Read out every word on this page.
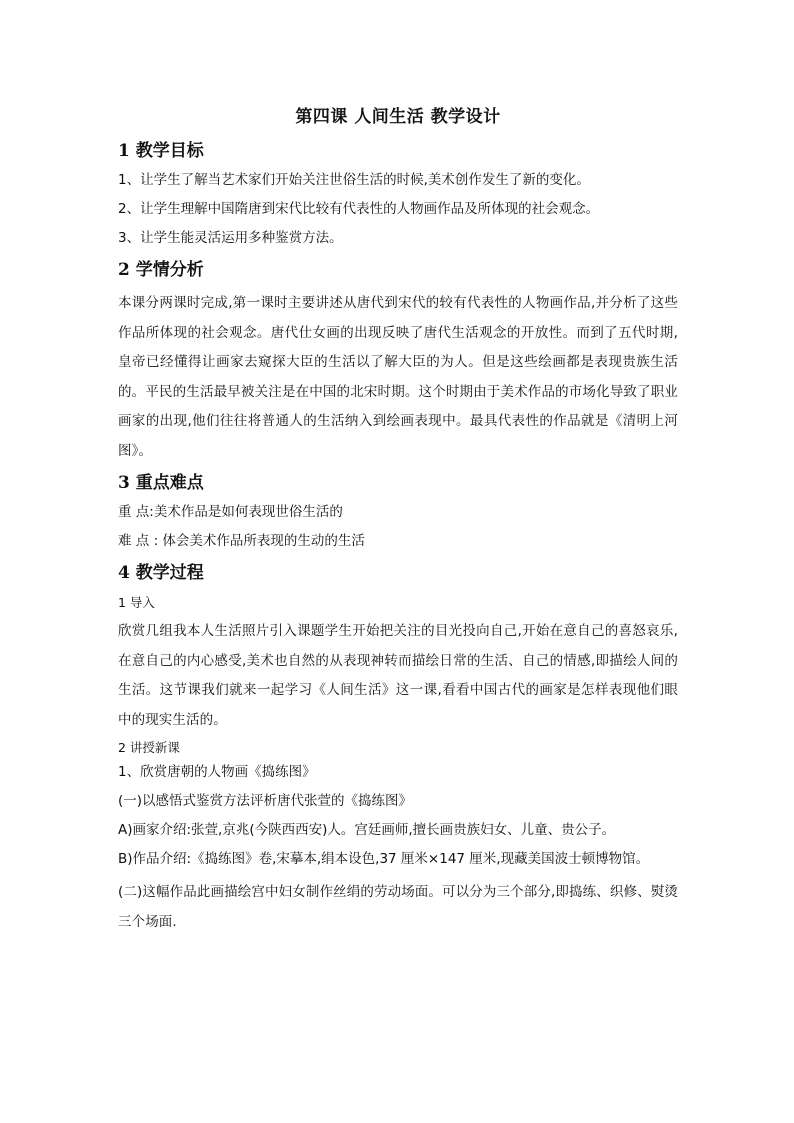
第四课 人间生活 教学设计
1 教学目标

1、让学生了解当艺术家们开始关注世俗生活的时候,美术创作发生了新的变化。

2、让学生理解中国隋唐到宋代比较有代表性的人物画作品及所体现的社会观念。

3、让学生能灵活运用多种鉴赏方法。

2 学情分析

本课分两课时完成,第一课时主要讲述从唐代到宋代的较有代表性的人物画作品,并分析了这些作品所体现的社会观念。唐代仕女画的出现反映了唐代生活观念的开放性。而到了五代时期,皇帝已经懂得让画家去窥探大臣的生活以了解大臣的为人。但是这些绘画都是表现贵族生活的。平民的生活最早被关注是在中国的北宋时期。这个时期由于美术作品的市场化导致了职业画家的出现,他们往往将普通人的生活纳入到绘画表现中。最具代表性的作品就是《清明上河图》。

3 重点难点

重 点:美术作品是如何表现世俗生活的

难 点 : 体会美术作品所表现的生动的生活

4 教学过程

1 导入

欣赏几组我本人生活照片引入课题学生开始把关注的目光投向自己,开始在意自己的喜怒哀乐,在意自己的内心感受,美术也自然的从表现神转而描绘日常的生活、自己的情感,即描绘人间的生活。这节课我们就来一起学习《人间生活》这一课,看看中国古代的画家是怎样表现他们眼中的现实生活的。

2 讲授新课

1、欣赏唐朝的人物画《捣练图》

(一)以感悟式鉴赏方法评析唐代张萱的《捣练图》

A)画家介绍:张萱,京兆(今陕西西安)人。宫廷画师,擅长画贵族妇女、儿童、贵公子。

B)作品介绍:《捣练图》卷,宋摹本,绢本设色,37 厘米×147 厘米,现藏美国波士顿博物馆。

(二)这幅作品此画描绘宫中妇女制作丝绢的劳动场面。可以分为三个部分,即捣练、织修、熨烫三个场面.
